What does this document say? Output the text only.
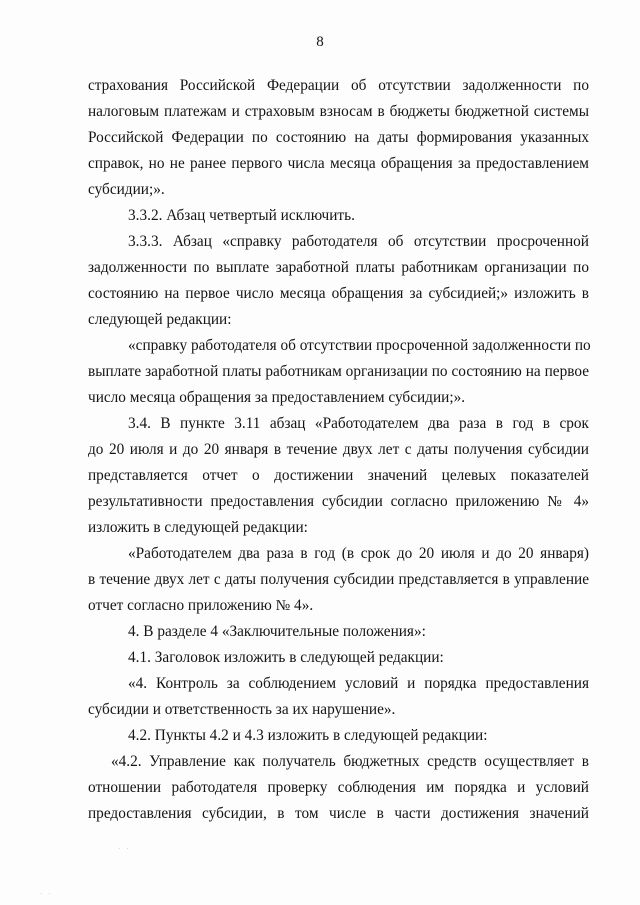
8
страхования Российской Федерации об отсутствии задолженности по
налоговым платежам и страховым взносам в бюджеты бюджетной системы
Российской Федерации по состоянию на даты формирования указанных
справок, но не ранее первого числа месяца обращения за предоставлением
субсидии;».
3.3.2. Абзац четвертый исключить.
3.3.3. Абзац «справку работодателя об отсутствии просроченной
задолженности по выплате заработной платы работникам организации по
состоянию на первое число месяца обращения за субсидией;» изложить в
следующей редакции:
«справку работодателя об отсутствии просроченной задолженности по
выплате заработной платы работникам организации по состоянию на первое
число месяца обращения за предоставлением субсидии;».
3.4. В пункте 3.11 абзац «Работодателем два раза в год в срок
до 20 июля и до 20 января в течение двух лет с даты получения субсидии
представляется отчет о достижении значений целевых показателей
результативности предоставления субсидии согласно приложению № 4»
изложить в следующей редакции:
«Работодателем два раза в год (в срок до 20 июля и до 20 января)
в течение двух лет с даты получения субсидии представляется в управление
отчет согласно приложению № 4».
4. В разделе 4 «Заключительные положения»:
4.1. Заголовок изложить в следующей редакции:
«4. Контроль за соблюдением условий и порядка предоставления
субсидии и ответственность за их нарушение».
4.2. Пункты 4.2 и 4.3 изложить в следующей редакции:
«4.2. Управление как получатель бюджетных средств осуществляет в
отношении работодателя проверку соблюдения им порядка и условий
предоставления субсидии, в том числе в части достижения значений
· ·
· ·
